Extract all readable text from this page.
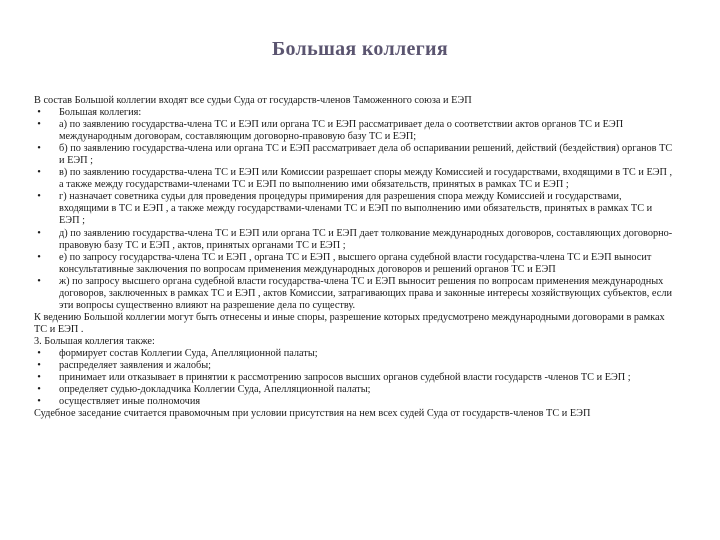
Большая коллегия

В состав Большой коллегии входят все судьи Суда от государств-членов Таможенного союза и ЕЭП

•	Большая коллегия:

•	а) по заявлению государства-члена ТС и ЕЭП или органа ТС и ЕЭП рассматривает дела о соответствии актов органов ТС и ЕЭП международным договорам, составляющим договорно-правовую базу ТС и ЕЭП;

•	б) по заявлению государства-члена или органа ТС и ЕЭП рассматривает дела об оспаривании решений, действий (бездействия) органов ТС и ЕЭП ;

•	в) по заявлению государства-члена ТС и ЕЭП или Комиссии разрешает споры между Комиссией и государствами, входящими в ТС и ЕЭП , а также между государствами-членами ТС и ЕЭП по выполнению ими обязательств, принятых в рамках ТС и ЕЭП ;

•	г) назначает советника судьи для проведения процедуры примирения для разрешения спора между Комиссией и государствами, входящими в ТС и ЕЭП , а также между государствами-членами ТС и ЕЭП по выполнению ими обязательств, принятых в рамках ТС и ЕЭП ;

•	д) по заявлению государства-члена ТС и ЕЭП или органа ТС и ЕЭП дает толкование международных договоров, составляющих договорно-правовую базу ТС и ЕЭП , актов, принятых органами ТС и ЕЭП ;

•	е) по запросу государства-члена ТС и ЕЭП , органа ТС и ЕЭП , высшего органа судебной власти государства-члена ТС и ЕЭП выносит консультативные заключения по вопросам применения международных договоров и решений органов ТС и ЕЭП

•	ж) по запросу высшего органа судебной власти государства-члена ТС и ЕЭП выносит решения по вопросам применения международных договоров, заключенных в рамках ТС и ЕЭП , актов Комиссии, затрагивающих права и законные интересы хозяйствующих субъектов, если эти вопросы существенно влияют на разрешение дела по существу.

К ведению Большой коллегии могут быть отнесены и иные споры, разрешение которых предусмотрено международными договорами в рамках ТС и ЕЭП .

3. Большая коллегия также:

•	формирует состав Коллегии Суда, Апелляционной палаты;

•	распределяет заявления и жалобы;

•	принимает или отказывает в принятии к рассмотрению запросов высших органов судебной власти государств -членов ТС и ЕЭП ;

•	определяет судью-докладчика Коллегии Суда, Апелляционной палаты;

•	осуществляет иные полномочия

Судебное заседание считается правомочным при условии присутствия на нем всех судей Суда от государств-членов ТС и ЕЭП
